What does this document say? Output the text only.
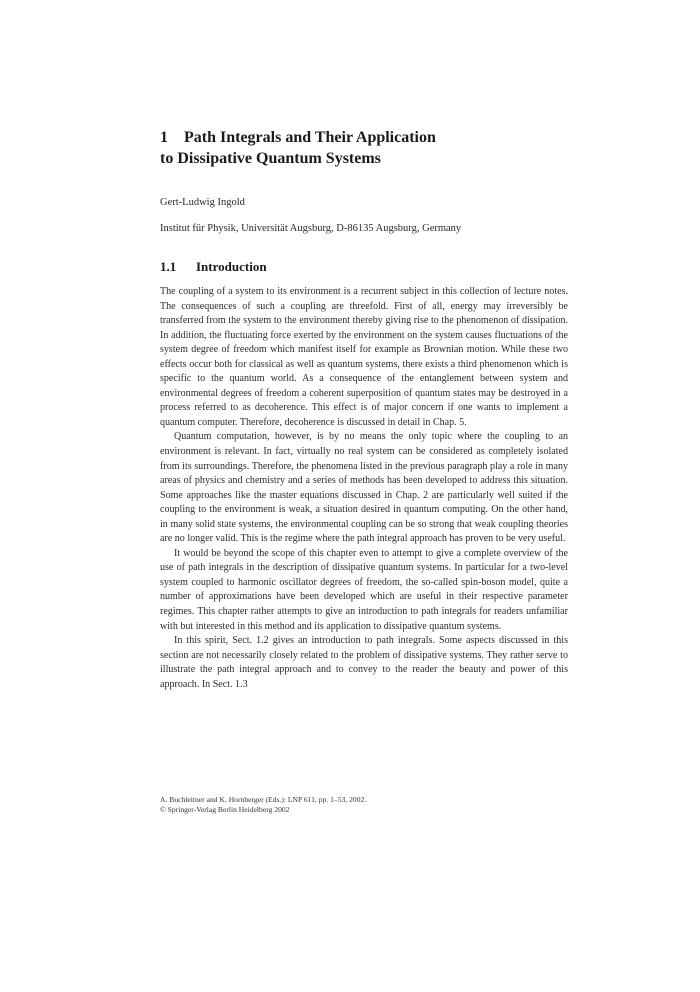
1 Path Integrals and Their Application
to Dissipative Quantum Systems
Gert-Ludwig Ingold
Institut für Physik, Universität Augsburg, D-86135 Augsburg, Germany
1.1 Introduction

The coupling of a system to its environment is a recurrent subject in this collection of lecture notes. The consequences of such a coupling are threefold. First of all, energy may irreversibly be transferred from the system to the environment thereby giving rise to the phenomenon of dissipation. In addition, the fluctuating force exerted by the environment on the system causes fluctuations of the system degree of freedom which manifest itself for example as Brownian motion. While these two effects occur both for classical as well as quantum systems, there exists a third phenomenon which is specific to the quantum world. As a consequence of the entanglement between system and environmental degrees of freedom a coherent superposition of quantum states may be destroyed in a process referred to as decoherence. This effect is of major concern if one wants to implement a quantum computer. Therefore, decoherence is discussed in detail in Chap. 5.

Quantum computation, however, is by no means the only topic where the coupling to an environment is relevant. In fact, virtually no real system can be considered as completely isolated from its surroundings. Therefore, the phenomena listed in the previous paragraph play a role in many areas of physics and chemistry and a series of methods has been developed to address this situation. Some approaches like the master equations discussed in Chap. 2 are particularly well suited if the coupling to the environment is weak, a situation desired in quantum computing. On the other hand, in many solid state systems, the environmental coupling can be so strong that weak coupling theories are no longer valid. This is the regime where the path integral approach has proven to be very useful.

It would be beyond the scope of this chapter even to attempt to give a complete overview of the use of path integrals in the description of dissipative quantum systems. In particular for a two-level system coupled to harmonic oscillator degrees of freedom, the so-called spin-boson model, quite a number of approximations have been developed which are useful in their respective parameter regimes. This chapter rather attempts to give an introduction to path integrals for readers unfamiliar with but interested in this method and its application to dissipative quantum systems.

In this spirit, Sect. 1.2 gives an introduction to path integrals. Some aspects discussed in this section are not necessarily closely related to the problem of dissipative systems. They rather serve to illustrate the path integral approach and to convey to the reader the beauty and power of this approach. In Sect. 1.3

A. Buchleitner and K. Hornberger (Eds.): LNP 611, pp. 1–53, 2002.
© Springer-Verlag Berlin Heidelberg 2002
